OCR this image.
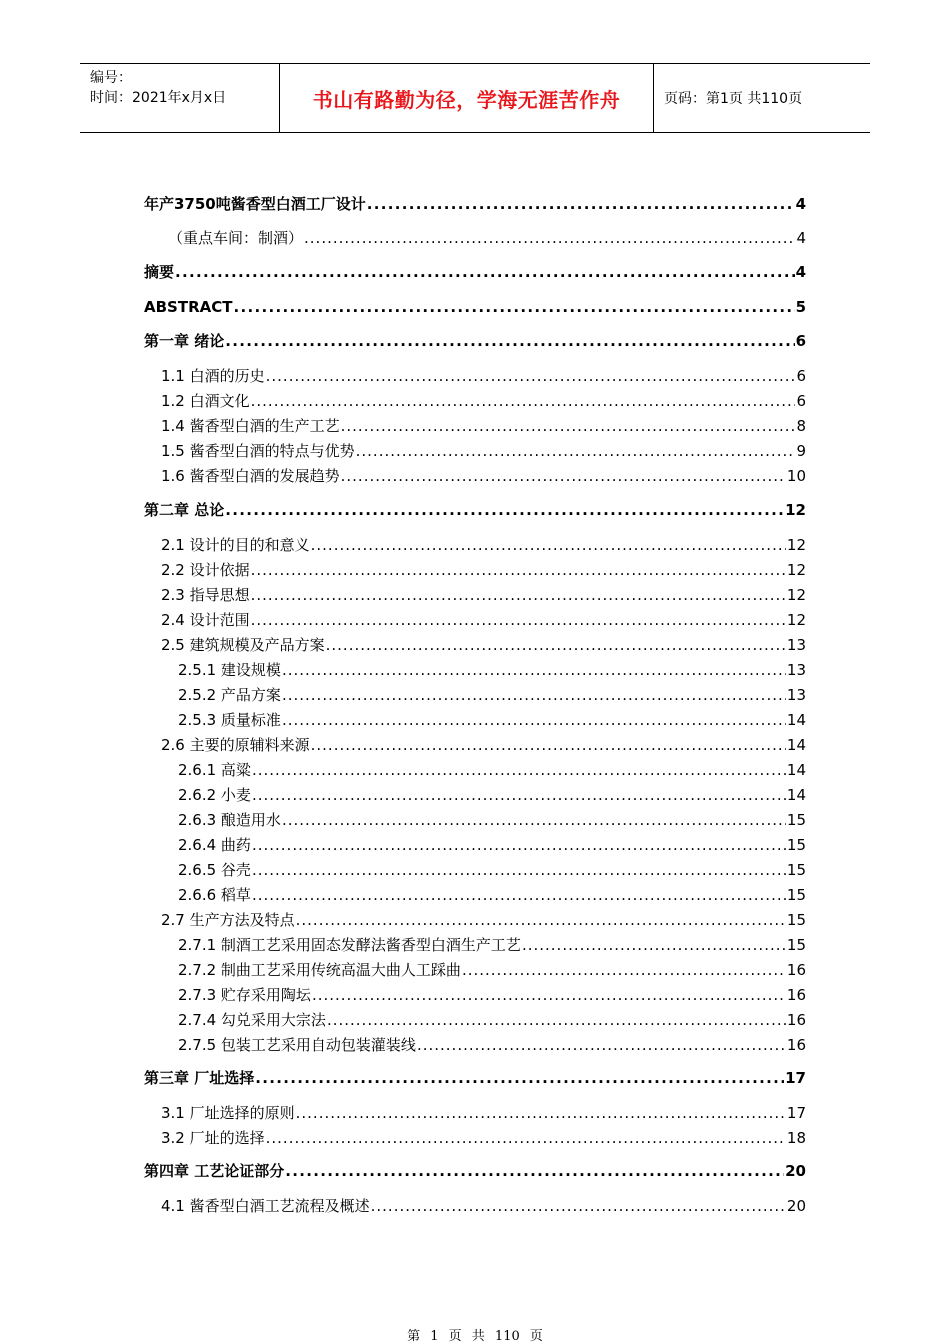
编号：
时间：2021年x月x日	书山有路勤为径，学海无涯苦作舟	页码：第1页 共110页
年产3750吨酱香型白酒工厂设计 .....	4
（重点车间：制酒） .....	4
摘要 .....	4
ABSTRACT .....	5
第一章 绪论 .....	6
1.1 白酒的历史 .....	6
1.2 白酒文化 .....	6
1.4 酱香型白酒的生产工艺 .....	8
1.5 酱香型白酒的特点与优势 .....	9
1.6 酱香型白酒的发展趋势 .....	10
第二章 总论 .....	12
2.1 设计的目的和意义 .....	12
2.2 设计依据 .....	12
2.3 指导思想 .....	12
2.4 设计范围 .....	12
2.5 建筑规模及产品方案 .....	13
2.5.1 建设规模 .....	13
2.5.2 产品方案 .....	13
2.5.3 质量标准 .....	14
2.6 主要的原辅料来源 .....	14
2.6.1 高粱 .....	14
2.6.2 小麦 .....	14
2.6.3 酿造用水 .....	15
2.6.4 曲药 .....	15
2.6.5 谷壳 .....	15
2.6.6 稻草 .....	15
2.7 生产方法及特点 .....	15
2.7.1 制酒工艺采用固态发酵法酱香型白酒生产工艺 .....	15
2.7.2 制曲工艺采用传统高温大曲人工踩曲 .....	16
2.7.3 贮存采用陶坛 .....	16
2.7.4 勾兑采用大宗法 .....	16
2.7.5 包装工艺采用自动包装灌装线 .....	16
第三章 厂址选择 .....	17
3.1 厂址选择的原则 .....	17
3.2 厂址的选择 .....	18
第四章 工艺论证部分 .....	20
4.1 酱香型白酒工艺流程及概述 .....	20
第 1 页 共 110 页
